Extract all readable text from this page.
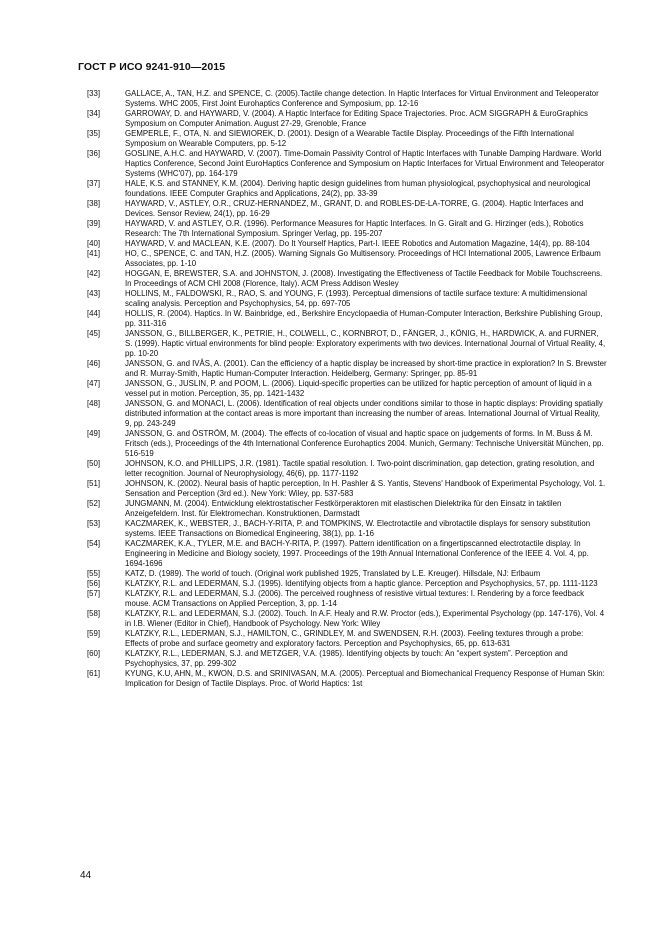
ГОСТ Р ИСО 9241-910—2015
[33]	GALLACE, A., TAN, H.Z. and SPENCE, C. (2005).Tactile change detection. In Haptic Interfaces for Virtual Environment and Teleoperator Systems. WHC 2005, First Joint Eurohaptics Conference and Symposium, pp. 12-16
[34]	GARROWAY, D. and HAYWARD, V. (2004). A Haptic Interface for Editing Space Trajectories. Proc. ACM SIGGRAPH & EuroGraphics Symposium on Computer Animation. August 27-29, Grenoble, France
[35]	GEMPERLE, F., OTA, N. and SIEWIOREK, D. (2001). Design of a Wearable Tactile Display. Proceedings of the Fifth International Symposium on Wearable Computers, pp. 5-12
[36]	GOSLINE, A.H.C. and HAYWARD, V. (2007). Time-Domain Passivity Control of Haptic Interfaces with Tunable Damping Hardware. World Haptics Conference, Second Joint EuroHaptics Conference and Symposium on Haptic Interfaces for Virtual Environment and Teleoperator Systems (WHC'07), pp. 164-179
[37]	HALE, K.S. and STANNEY, K.M. (2004). Deriving haptic design guidelines from human physiological, psychophysical and neurological foundations. IEEE Computer Graphics and Applications, 24(2), pp. 33-39
[38]	HAYWARD, V., ASTLEY, O.R., CRUZ-HERNANDEZ, M., GRANT, D. and ROBLES-DE-LA-TORRE, G. (2004). Haptic Interfaces and Devices. Sensor Review, 24(1), pp. 16-29
[39]	HAYWARD, V. and ASTLEY, O.R. (1996). Performance Measures for Haptic Interfaces. In G. Giralt and G. Hirzinger (eds.), Robotics Research: The 7th International Symposium. Springer Verlag, pp. 195-207
[40]	HAYWARD, V. and MACLEAN, K.E. (2007). Do It Yourself Haptics, Part-I. IEEE Robotics and Automation Magazine, 14(4), pp. 88-104
[41]	HO, C., SPENCE, C. and TAN, H.Z. (2005). Warning Signals Go Multisensory. Proceedings of HCI International 2005, Lawrence Erlbaum Associates, pp. 1-10
[42]	HOGGAN, E, BREWSTER, S.A. and JOHNSTON, J. (2008). Investigating the Effectiveness of Tactile Feedback for Mobile Touchscreens. In Proceedings of ACM CHI 2008 (Florence, Italy). ACM Press Addison Wesley
[43]	HOLLINS, M., FALDOWSKI, R., RAO, S. and YOUNG, F. (1993). Perceptual dimensions of tactile surface texture: A multidimensional scaling analysis. Perception and Psychophysics, 54, pp. 697-705
[44]	HOLLIS, R. (2004). Haptics. In W. Bainbridge, ed., Berkshire Encyclopaedia of Human-Computer Interaction, Berkshire Publishing Group, pp. 311-316
[45]	JANSSON, G., BILLBERGER, K., PETRIE, H., COLWELL, C., KORNBROT, D., FÄNGER, J., KÖNIG, H., HARDWICK, A. and FURNER, S. (1999). Haptic virtual environments for blind people: Exploratory experiments with two devices. International Journal of Virtual Reality, 4, pp. 10-20
[46]	JANSSON, G. and IVÅS, A. (2001). Can the efficiency of a haptic display be increased by short-time practice in exploration? In S. Brewster and R. Murray-Smith, Haptic Human-Computer Interaction. Heidelberg, Germany: Springer, pp. 85-91
[47]	JANSSON, G., JUSLIN, P. and POOM, L. (2006). Liquid-specific properties can be utilized for haptic perception of amount of liquid in a vessel put in motion. Perception, 35, pp. 1421-1432
[48]	JANSSON, G. and MONACI, L. (2006). Identification of real objects under conditions similar to those in haptic displays: Providing spatially distributed information at the contact areas is more important than increasing the number of areas. International Journal of Virtual Reality, 9, pp. 243-249
[49]	JANSSON, G. and ÖSTRÖM, M. (2004). The effects of co-location of visual and haptic space on judgements of forms. In M. Buss & M. Fritsch (eds.), Proceedings of the 4th International Conference Eurohaptics 2004. Munich, Germany: Technische Universität München, pp. 516-519
[50]	JOHNSON, K.O. and PHILLIPS, J.R. (1981). Tactile spatial resolution. I. Two-point discrimination, gap detection, grating resolution, and letter recognition. Journal of Neurophysiology, 46(6), pp. 1177-1192
[51]	JOHNSON, K. (2002). Neural basis of haptic perception, In H. Pashler & S. Yantis, Stevens' Handbook of Experimental Psychology, Vol. 1. Sensation and Perception (3rd ed.). New York: Wiley, pp. 537-583
[52]	JUNGMANN, M. (2004). Entwicklung elektrostatischer Festkörperaktoren mit elastischen Dielektrika für den Einsatz in taktilen Anzeigefeldern. Inst. für Elektromechan. Konstruktionen, Darmstadt
[53]	KACZMAREK, K., WEBSTER, J., BACH-Y-RITA, P. and TOMPKINS, W. Electrotactile and vibrotactile displays for sensory substitution systems. IEEE Transactions on Biomedical Engineering, 38(1), pp. 1-16
[54]	KACZMAREK, K.A., TYLER, M.E. and BACH-Y-RITA, P. (1997). Pattern identification on a fingertipscanned electrotactile display. In Engineering in Medicine and Biology society, 1997. Proceedings of the 19th Annual International Conference of the IEEE 4. Vol. 4, pp. 1694-1696
[55]	KATZ, D. (1989). The world of touch. (Original work published 1925, Translated by L.E. Kreuger). Hillsdale, NJ: Erlbaum
[56]	KLATZKY, R.L. and LEDERMAN, S.J. (1995). Identifying objects from a haptic glance. Perception and Psychophysics, 57, pp. 1111-1123
[57]	KLATZKY, R.L. and LEDERMAN, S.J. (2006). The perceived roughness of resistive virtual textures: I. Rendering by a force feedback mouse. ACM Transactions on Applied Perception, 3, pp. 1-14
[58]	KLATZKY, R.L. and LEDERMAN, S.J. (2002). Touch. In A.F. Healy and R.W. Proctor (eds.), Experimental Psychology (pp. 147-176), Vol. 4 in I.B. Wiener (Editor in Chief), Handbook of Psychology. New York: Wiley
[59]	KLATZKY, R.L., LEDERMAN, S.J., HAMILTON, C., GRINDLEY, M. and SWENDSEN, R.H. (2003). Feeling textures through a probe: Effects of probe and surface geometry and exploratory factors. Perception and Psychophysics, 65, pp. 613-631
[60]	KLATZKY, R.L., LEDERMAN, S.J. and METZGER, V.A. (1985). Identifying objects by touch: An “expert system”. Perception and Psychophysics, 37, pp. 299-302
[61]	KYUNG, K.U, AHN, M., KWON, D.S. and SRINIVASAN, M.A. (2005). Perceptual and Biomechanical Frequency Response of Human Skin: Implication for Design of Tactile Displays. Proc. of World Haptics: 1st
44
